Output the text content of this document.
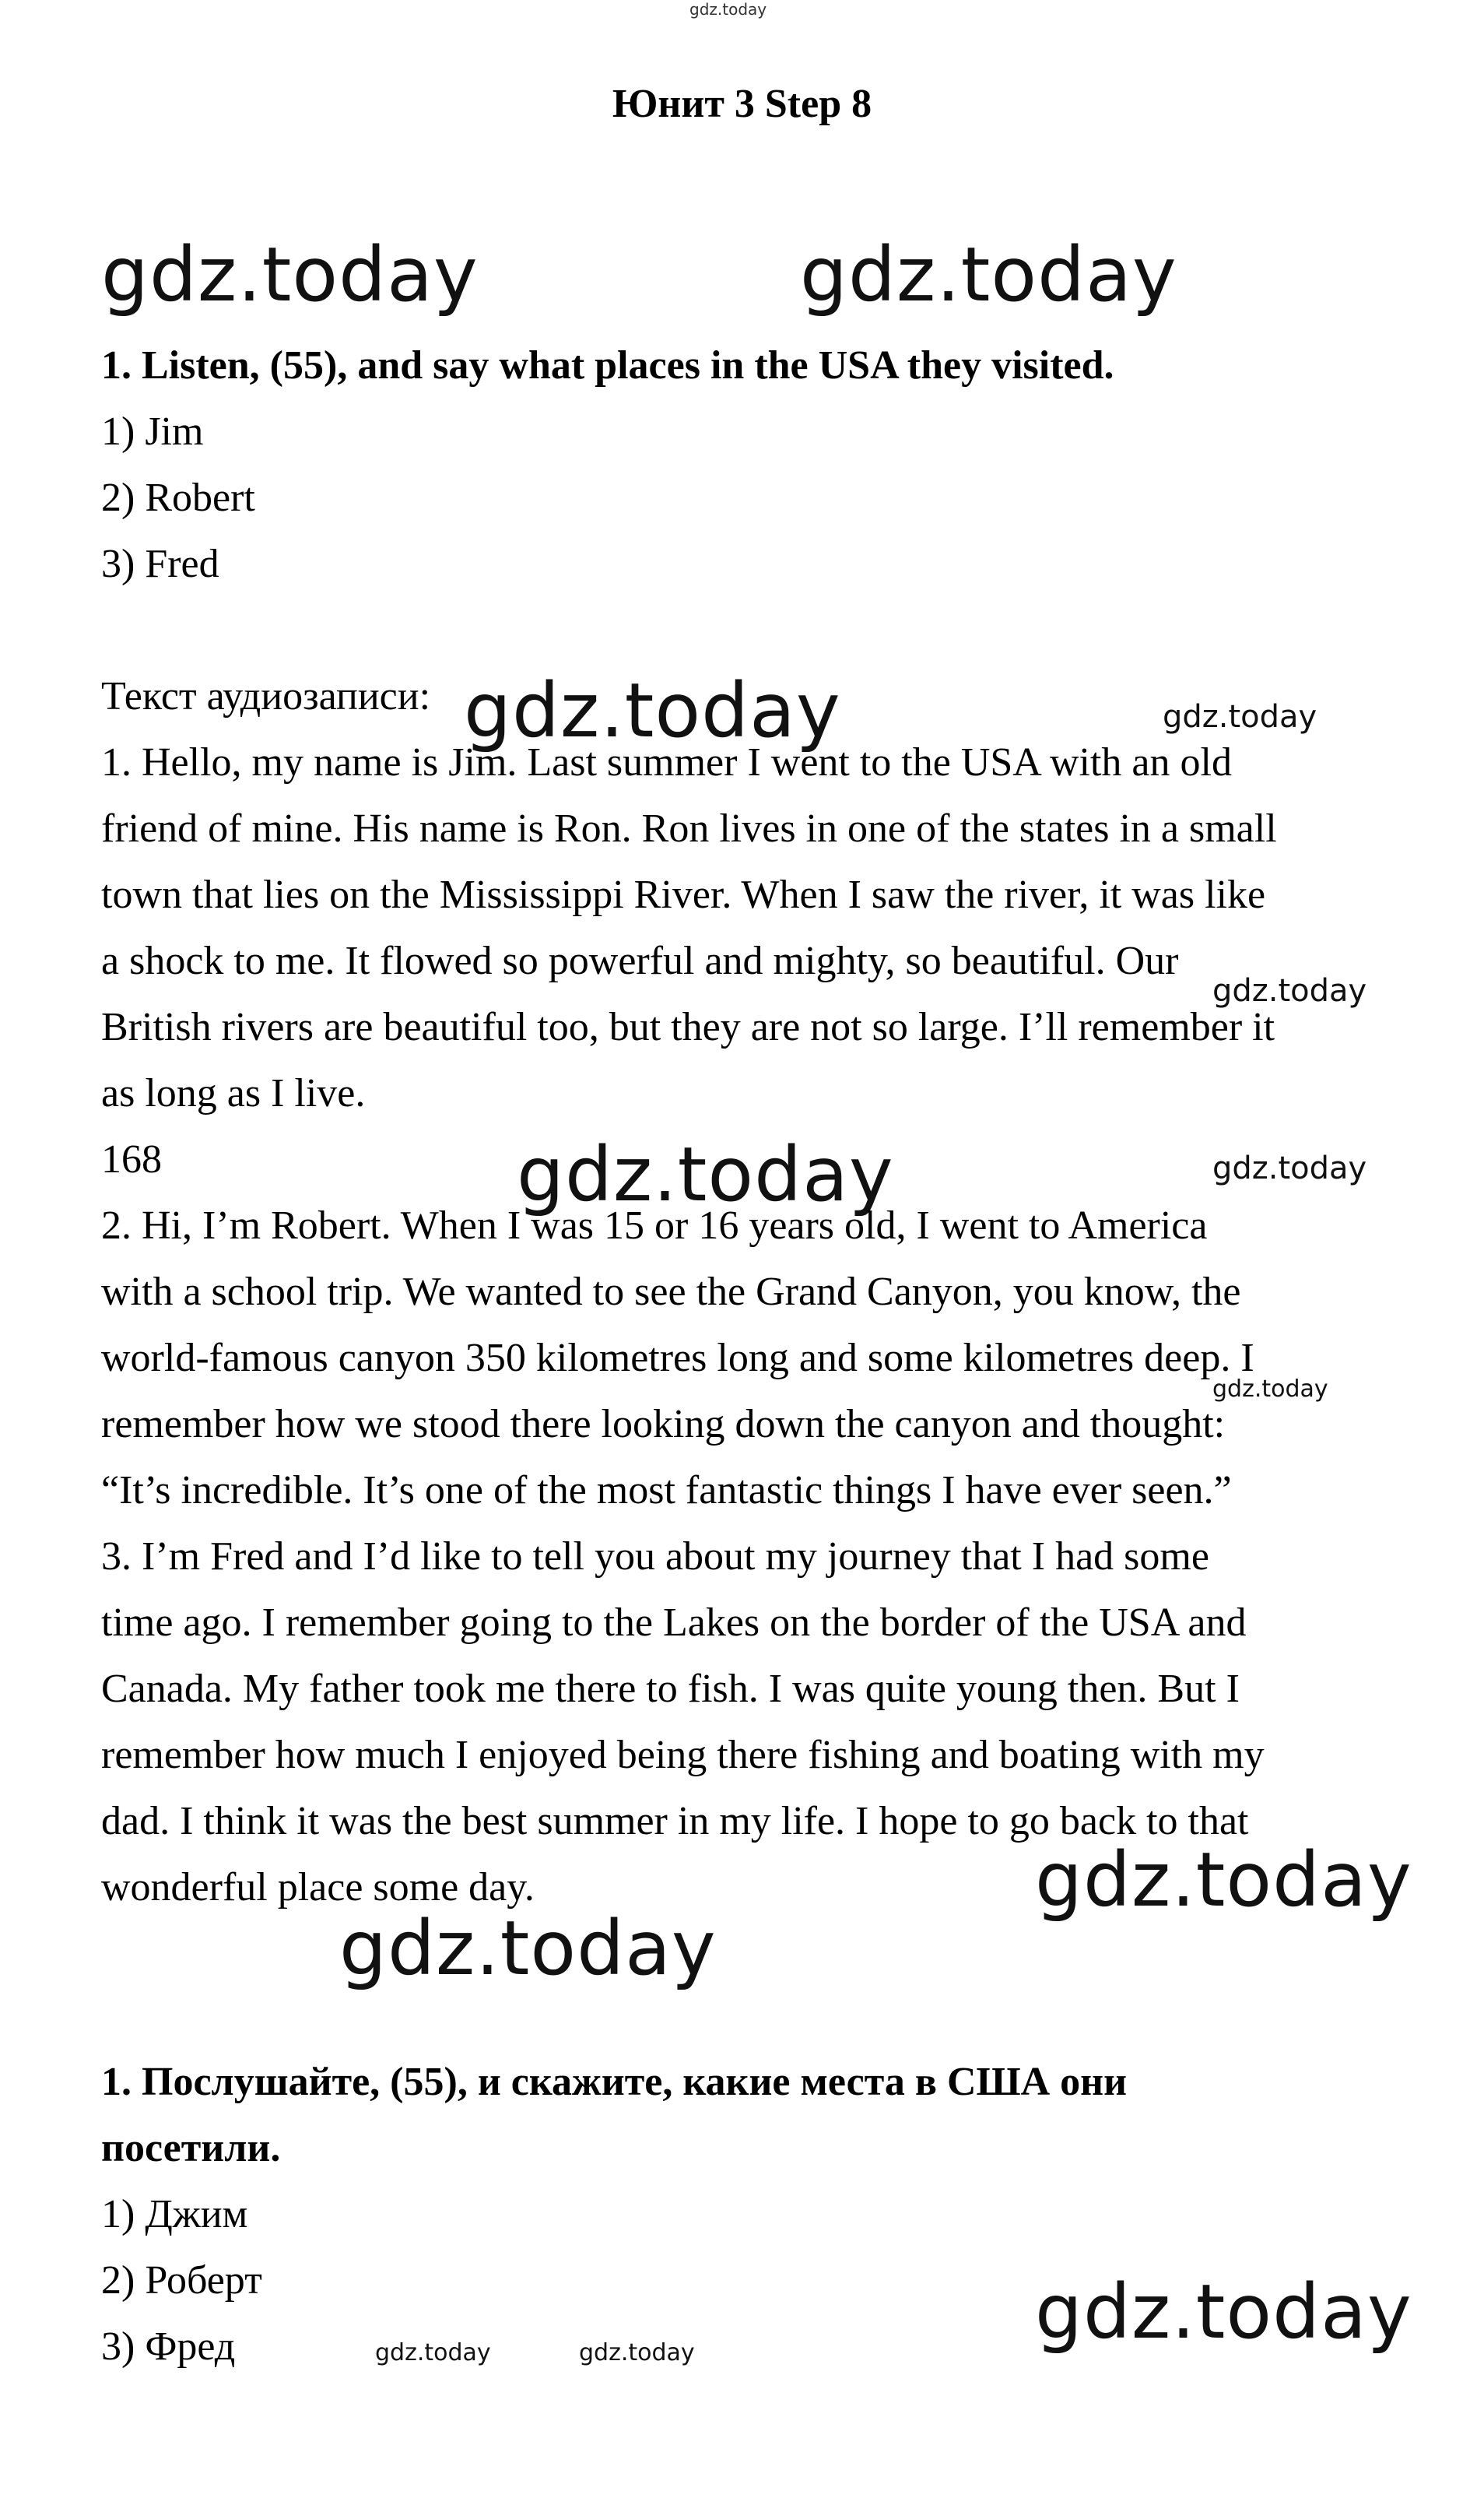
gdz.today
Юнит 3 Step 8
gdz.today	gdz.today
1. Listen, (55), and say what places in the USA they visited.
1) Jim
2) Robert
3) Fred
Текст аудиозаписи: gdz.today	gdz.today
1. Hello, my name is Jim. Last summer I went to the USA with an old
friend of mine. His name is Ron. Ron lives in one of the states in a small
town that lies on the Mississippi River. When I saw the river, it was like
a shock to me. It flowed so powerful and mighty, so beautiful. Our
gdz.today
British rivers are beautiful too, but they are not so large. I’ll remember it
as long as I live.
168	gdz.today	gdz.today
2. Hi, I’m Robert. When I was 15 or 16 years old, I went to America
with a school trip. We wanted to see the Grand Canyon, you know, the
world-famous canyon 350 kilometres long and some kilometres deep. I
gdz.today
remember how we stood there looking down the canyon and thought:
“It’s incredible. It’s one of the most fantastic things I have ever seen.”
3. I’m Fred and I’d like to tell you about my journey that I had some
time ago. I remember going to the Lakes on the border of the USA and
Canada. My father took me there to fish. I was quite young then. But I
remember how much I enjoyed being there fishing and boating with my
dad. I think it was the best summer in my life. I hope to go back to that
wonderful place some day.	gdz.today
gdz.today
1. Послушайте, (55), и скажите, какие места в США они
посетили.
1) Джим
2) Роберт
3) Фред	gdz.today
gdz.today	gdz.today
